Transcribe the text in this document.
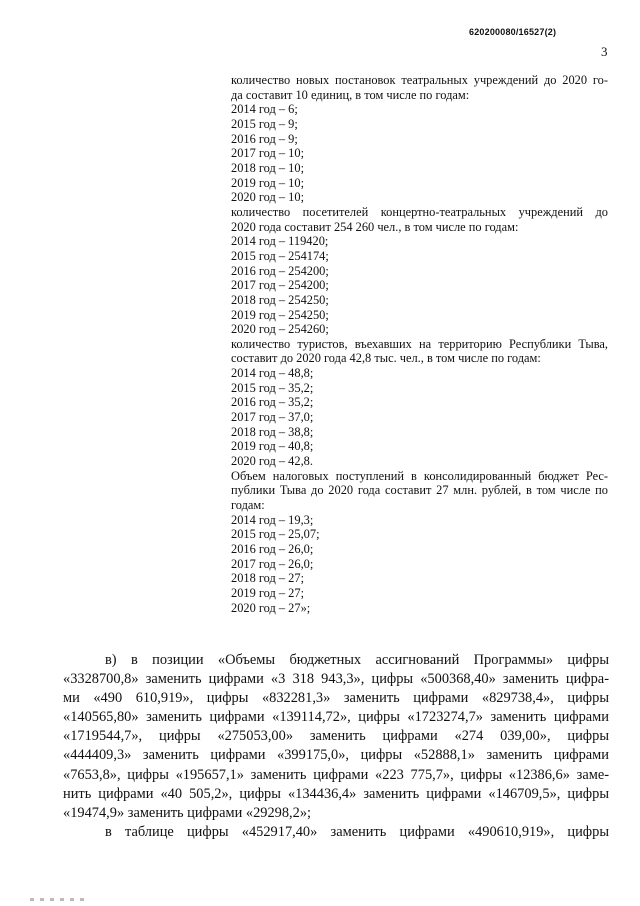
620200080/16527(2)
3
количество новых постановок театральных учреждений до 2020 го-
да составит 10 единиц, в том числе по годам:
2014 год – 6;
2015 год – 9;
2016 год – 9;
2017 год – 10;
2018 год – 10;
2019 год – 10;
2020 год – 10;
количество посетителей концертно-театральных учреждений до
2020 года составит 254 260 чел., в том числе по годам:
2014 год – 119420;
2015 год – 254174;
2016 год – 254200;
2017 год – 254200;
2018 год – 254250;
2019 год – 254250;
2020 год – 254260;
количество туристов, въехавших на территорию Республики Тыва,
составит до 2020 года 42,8 тыс. чел., в том числе по годам:
2014 год – 48,8;
2015 год – 35,2;
2016 год – 35,2;
2017 год – 37,0;
2018 год – 38,8;
2019 год – 40,8;
2020 год – 42,8.
Объем налоговых поступлений в консолидированный бюджет Рес-
публики Тыва до 2020 года составит 27 млн. рублей, в том числе по
годам:
2014 год – 19,3;
2015 год – 25,07;
2016 год – 26,0;
2017 год – 26,0;
2018 год – 27;
2019 год – 27;
2020 год – 27»;
в) в позиции «Объемы бюджетных ассигнований Программы» цифры
«3328700,8» заменить цифрами «3 318 943,3», цифры «500368,40» заменить цифра-
ми «490 610,919», цифры «832281,3» заменить цифрами «829738,4», цифры
«140565,80» заменить цифрами «139114,72», цифры «1723274,7» заменить цифрами
«1719544,7», цифры «275053,00» заменить цифрами «274 039,00», цифры
«444409,3» заменить цифрами «399175,0», цифры «52888,1» заменить цифрами
«7653,8», цифры «195657,1» заменить цифрами «223 775,7», цифры «12386,6» заме-
нить цифрами «40 505,2», цифры «134436,4» заменить цифрами «146709,5», цифры
«19474,9» заменить цифрами «29298,2»;
в таблице цифры «452917,40» заменить цифрами «490610,919», цифры
